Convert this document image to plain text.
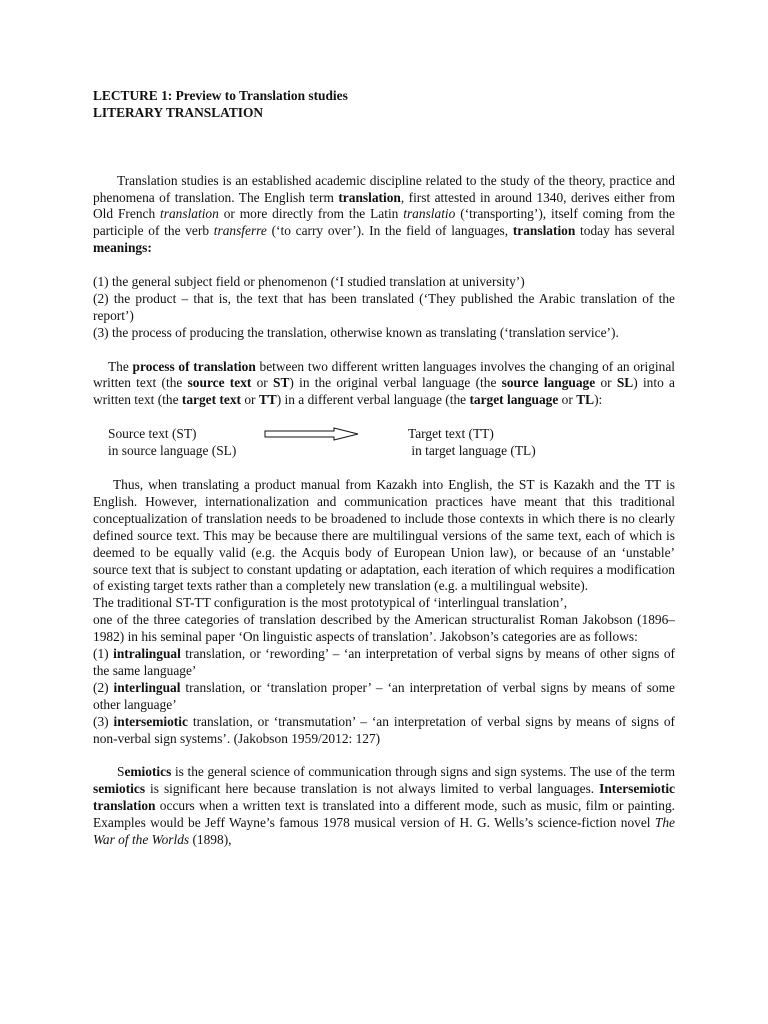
LECTURE 1: Preview to Translation studies
LITERARY TRANSLATION

Translation studies is an established academic discipline related to the study of the theory, practice and phenomena of translation. The English term translation, first attested in around 1340, derives either from Old French translation or more directly from the Latin translatio (‘transporting’), itself coming from the participle of the verb transferre (‘to carry over’). In the field of languages, translation today has several meanings:

(1) the general subject field or phenomenon (‘I studied translation at university’)

(2) the product – that is, the text that has been translated (‘They published the Arabic translation of the report’)

(3) the process of producing the translation, otherwise known as translating (‘translation service’).

The process of translation between two different written languages involves the changing of an original written text (the source text or ST) in the original verbal language (the source language or SL) into a written text (the target text or TT) in a different verbal language (the target language or TL):

Source text (ST)
in source language (SL)
Target text (TT)
in target language (TL)

Thus, when translating a product manual from Kazakh into English, the ST is Kazakh and the TT is English. However, internationalization and communication practices have meant that this traditional conceptualization of translation needs to be broadened to include those contexts in which there is no clearly defined source text. This may be because there are multilingual versions of the same text, each of which is deemed to be equally valid (e.g. the Acquis body of European Union law), or because of an ‘unstable’ source text that is subject to constant updating or adaptation, each iteration of which requires a modification of existing target texts rather than a completely new translation (e.g. a multilingual website).

The traditional ST-TT configuration is the most prototypical of ‘interlingual translation’,
one of the three categories of translation described by the American structuralist Roman Jakobson (1896–1982) in his seminal paper ‘On linguistic aspects of translation’. Jakobson’s categories are as follows:

(1) intralingual translation, or ‘rewording’ – ‘an interpretation of verbal signs by means of other signs of the same language’

(2) interlingual translation, or ‘translation proper’ – ‘an interpretation of verbal signs by means of some other language’

(3) intersemiotic translation, or ‘transmutation’ – ‘an interpretation of verbal signs by means of signs of non-verbal sign systems’. (Jakobson 1959/2012: 127)

Semiotics is the general science of communication through signs and sign systems. The use of the term semiotics is significant here because translation is not always limited to verbal languages. Intersemiotic translation occurs when a written text is translated into a different mode, such as music, film or painting. Examples would be Jeff Wayne’s famous 1978 musical version of H. G. Wells’s science-fiction novel The War of the Worlds (1898),
